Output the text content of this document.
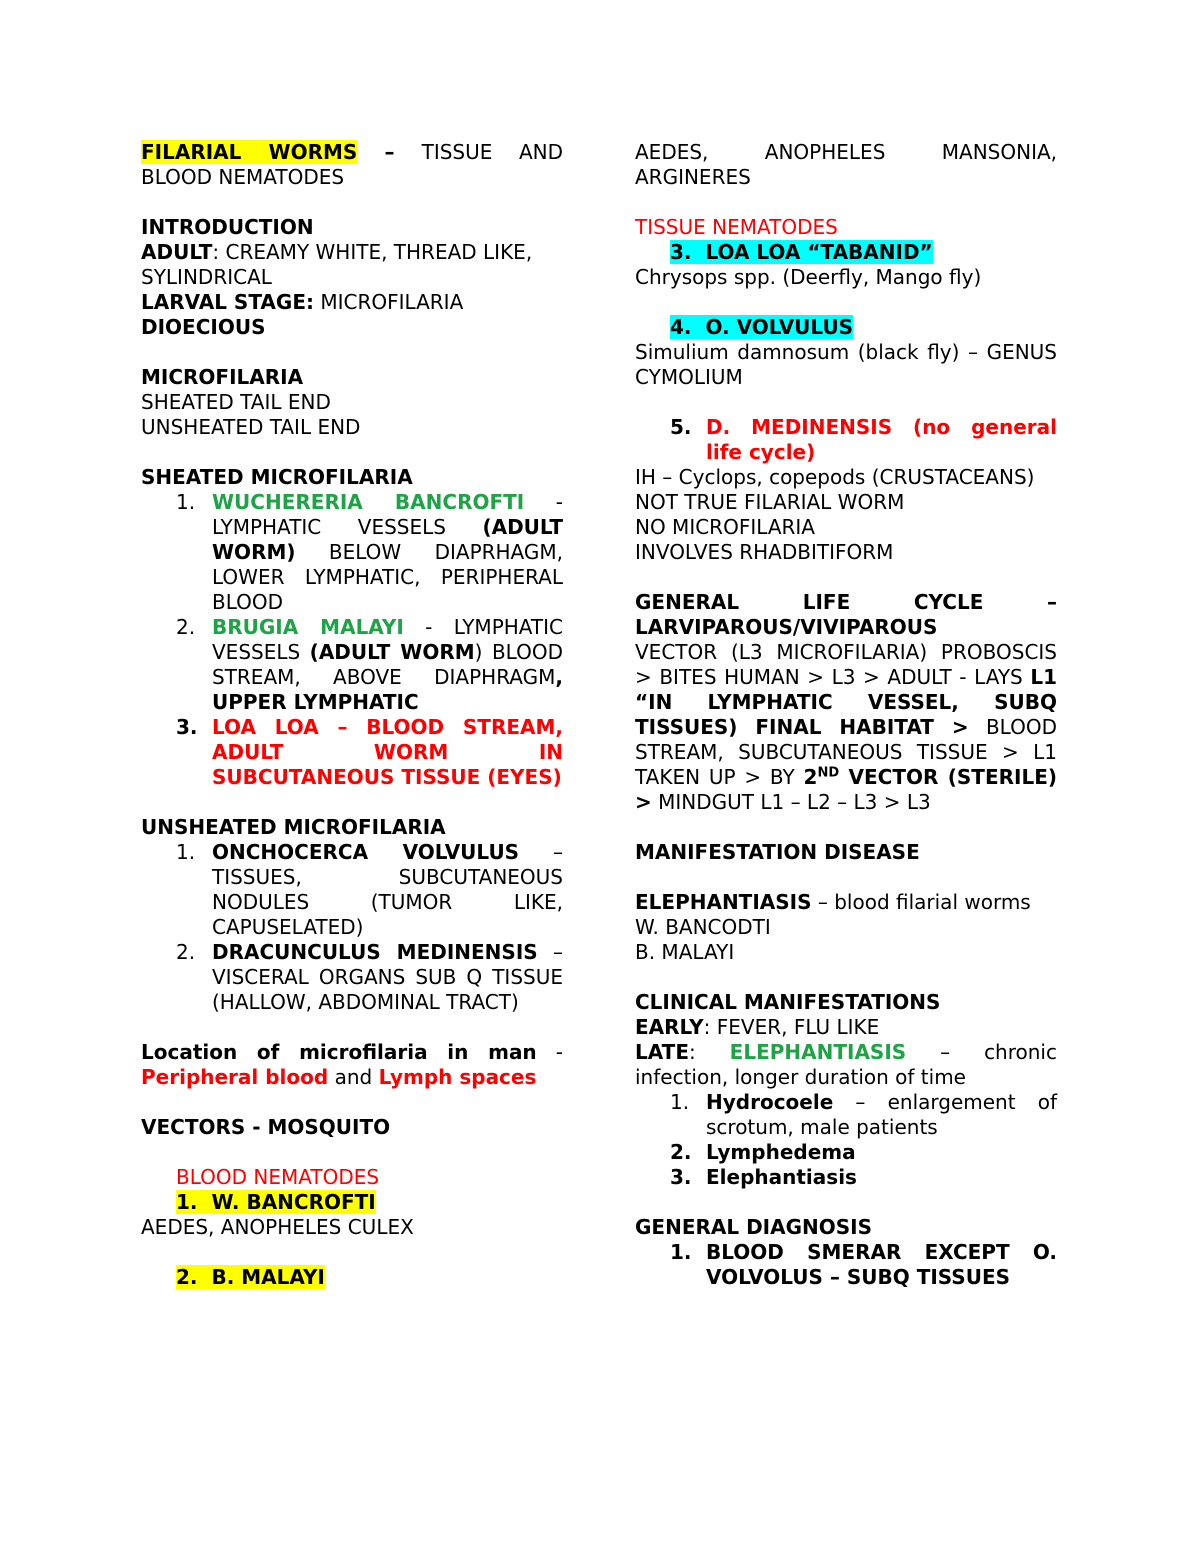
FILARIAL WORMS – TISSUE AND

BLOOD NEMATODES

INTRODUCTION

ADULT: CREAMY WHITE, THREAD LIKE, SYLINDRICAL

LARVAL STAGE: MICROFILARIA

DIOECIOUS

MICROFILARIA

SHEATED TAIL END

UNSHEATED TAIL END

SHEATED MICROFILARIA

1. WUCHERERIA BANCROFTI - LYMPHATIC VESSELS (ADULT WORM) BELOW DIAPRHAGM, LOWER LYMPHATIC, PERIPHERAL BLOOD
2. BRUGIA MALAYI - LYMPHATIC VESSELS (ADULT WORM) BLOOD STREAM, ABOVE DIAPHRAGM, UPPER LYMPHATIC
3. LOA LOA – BLOOD STREAM, ADULT WORM IN SUBCUTANEOUS TISSUE (EYES)

UNSHEATED MICROFILARIA

1. ONCHOCERCA VOLVULUS – TISSUES, SUBCUTANEOUS NODULES (TUMOR LIKE, CAPUSELATED)
2. DRACUNCULUS MEDINENSIS – VISCERAL ORGANS SUB Q TISSUE (HALLOW, ABDOMINAL TRACT)

Location of microfilaria in man - Peripheral blood and Lymph spaces

VECTORS - MOSQUITO

BLOOD NEMATODES

1. W. BANCROFTI

AEDES, ANOPHELES CULEX

2. B. MALAYI

AEDES, ANOPHELES MANSONIA,

ARGINERES

TISSUE NEMATODES

3. LOA LOA “TABANID”

Chrysops spp. (Deerfly, Mango fly)

4. O. VOLVULUS

Simulium damnosum (black fly) – GENUS CYMOLIUM

5. D. MEDINENSIS (no general life cycle)

IH – Cyclops, copepods (CRUSTACEANS)

NOT TRUE FILARIAL WORM

NO MICROFILARIA

INVOLVES RHADBITIFORM

GENERAL LIFE CYCLE – LARVIPAROUS/VIVIPAROUS

VECTOR (L3 MICROFILARIA) PROBOSCIS > BITES HUMAN > L3 > ADULT - LAYS L1 “IN LYMPHATIC VESSEL, SUBQ TISSUES) FINAL HABITAT > BLOOD STREAM, SUBCUTANEOUS TISSUE > L1 TAKEN UP > BY 2ND VECTOR (STERILE) > MINDGUT L1 – L2 – L3 > L3

MANIFESTATION DISEASE

ELEPHANTIASIS – blood filarial worms

W. BANCODTI

B. MALAYI

CLINICAL MANIFESTATIONS

EARLY: FEVER, FLU LIKE

LATE: ELEPHANTIASIS – chronic infection, longer duration of time

1. Hydrocoele – enlargement of scrotum, male patients
2. Lymphedema
3. Elephantiasis

GENERAL DIAGNOSIS

1. BLOOD SMERAR EXCEPT O. VOLVOLUS – SUBQ TISSUES
